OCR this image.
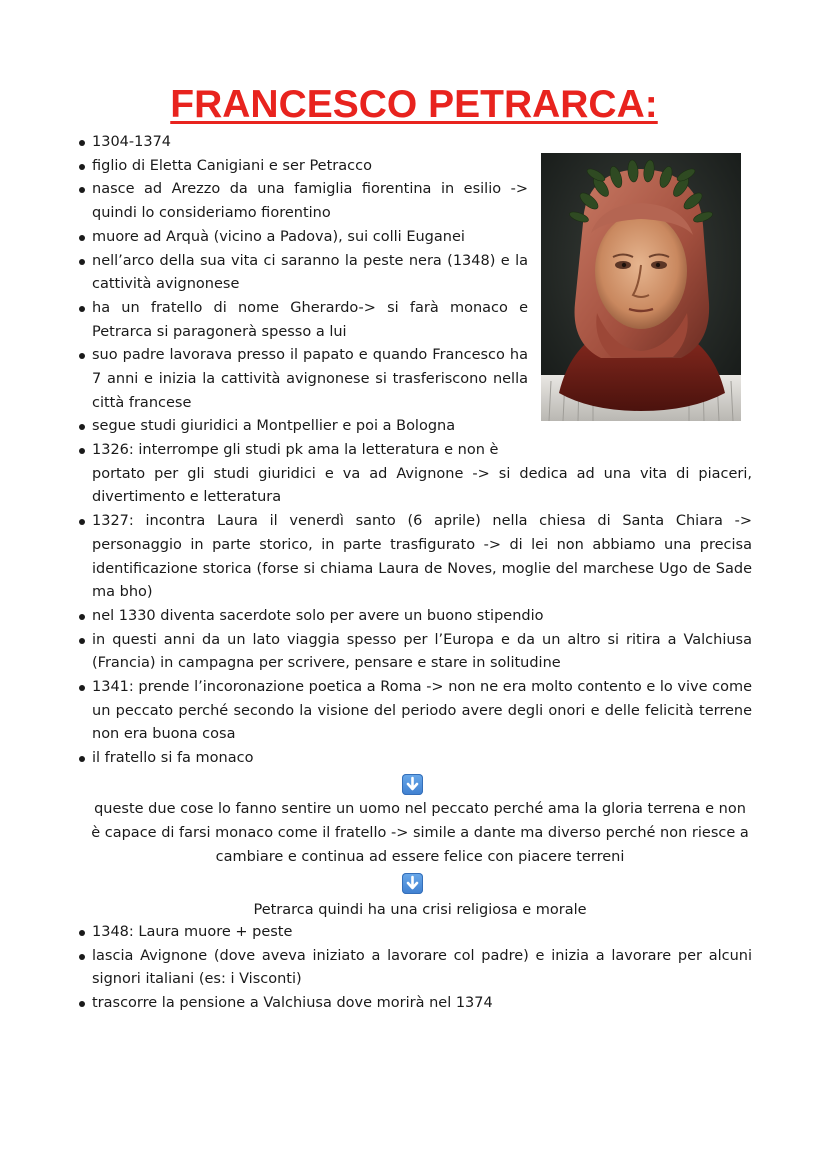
FRANCESCO PETRARCA:
1304-1374
figlio di Eletta Canigiani e ser Petracco
nasce ad Arezzo da una famiglia fiorentina in esilio -> quindi lo consideriamo fiorentino
muore ad Arquà (vicino a Padova), sui colli Euganei
nell’arco della sua vita ci saranno la peste nera (1348) e la cattività avignonese
ha un fratello di nome Gherardo-> si farà monaco e Petrarca si paragonerà spesso a lui
suo padre lavorava presso il papato e quando Francesco ha 7 anni e inizia la cattività avignonese si trasferiscono nella città francese
segue studi giuridici a Montpellier e poi a Bologna
1326: interrompe gli studi pk ama la letteratura e non è
portato per gli studi giuridici e va ad Avignone -> si dedica ad una vita di piaceri, divertimento e letteratura
1327: incontra Laura il venerdì santo (6 aprile) nella chiesa di Santa Chiara -> personaggio in parte storico, in parte trasfigurato -> di lei non abbiamo una precisa identificazione storica (forse si chiama Laura de Noves, moglie del marchese Ugo de Sade ma bho)
nel 1330 diventa sacerdote solo per avere un buono stipendio
in questi anni da un lato viaggia spesso per l’Europa e da un altro si ritira a Valchiusa (Francia) in campagna per scrivere, pensare e stare in solitudine
1341: prende l’incoronazione poetica a Roma -> non ne era molto contento e lo vive come un peccato perché secondo la visione del periodo avere degli onori e delle felicità terrene non era buona cosa
il fratello si fa monaco

queste due cose lo fanno sentire un uomo nel peccato perché ama la gloria terrena e non è capace di farsi monaco come il fratello -> simile a dante ma diverso perché non riesce a cambiare e continua ad essere felice con piacere terreni

Petrarca quindi ha una crisi religiosa e morale

1348: Laura muore + peste
lascia Avignone (dove aveva iniziato a lavorare col padre) e inizia a lavorare per alcuni signori italiani (es: i Visconti)
trascorre la pensione a Valchiusa dove morirà nel 1374
